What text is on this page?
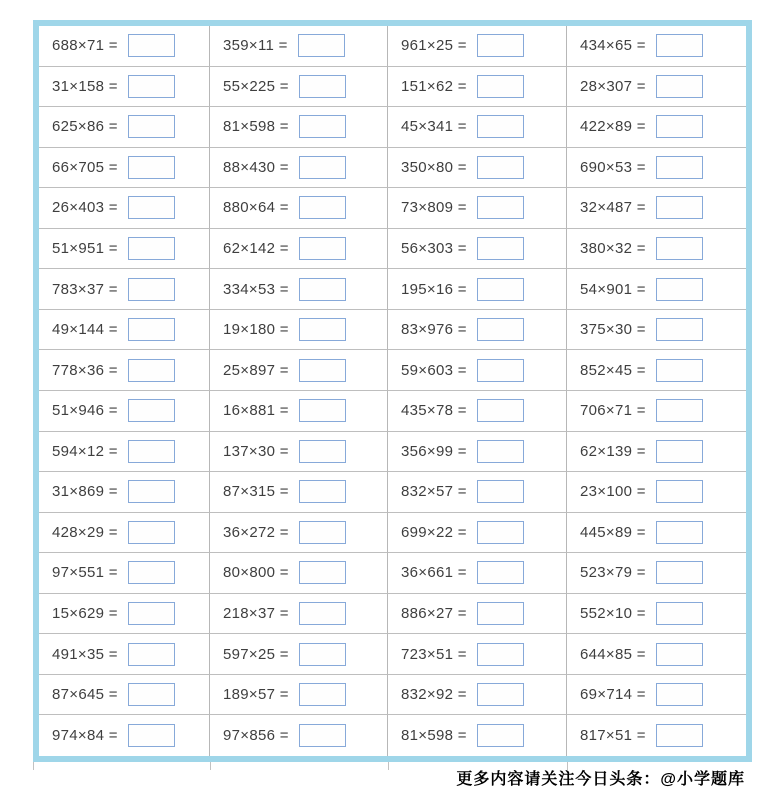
688×71 =	359×11 =	961×25 =	434×65 =
31×158 =	55×225 =	151×62 =	28×307 =
625×86 =	81×598 =	45×341 =	422×89 =
66×705 =	88×430 =	350×80 =	690×53 =
26×403 =	880×64 =	73×809 =	32×487 =
51×951 =	62×142 =	56×303 =	380×32 =
783×37 =	334×53 =	195×16 =	54×901 =
49×144 =	19×180 =	83×976 =	375×30 =
778×36 =	25×897 =	59×603 =	852×45 =
51×946 =	16×881 =	435×78 =	706×71 =
594×12 =	137×30 =	356×99 =	62×139 =
31×869 =	87×315 =	832×57 =	23×100 =
428×29 =	36×272 =	699×22 =	445×89 =
97×551 =	80×800 =	36×661 =	523×79 =
15×629 =	218×37 =	886×27 =	552×10 =
491×35 =	597×25 =	723×51 =	644×85 =
87×645 =	189×57 =	832×92 =	69×714 =
974×84 =	97×856 =	81×598 =	817×51 =
更多内容请关注今日头条：@小学题库
